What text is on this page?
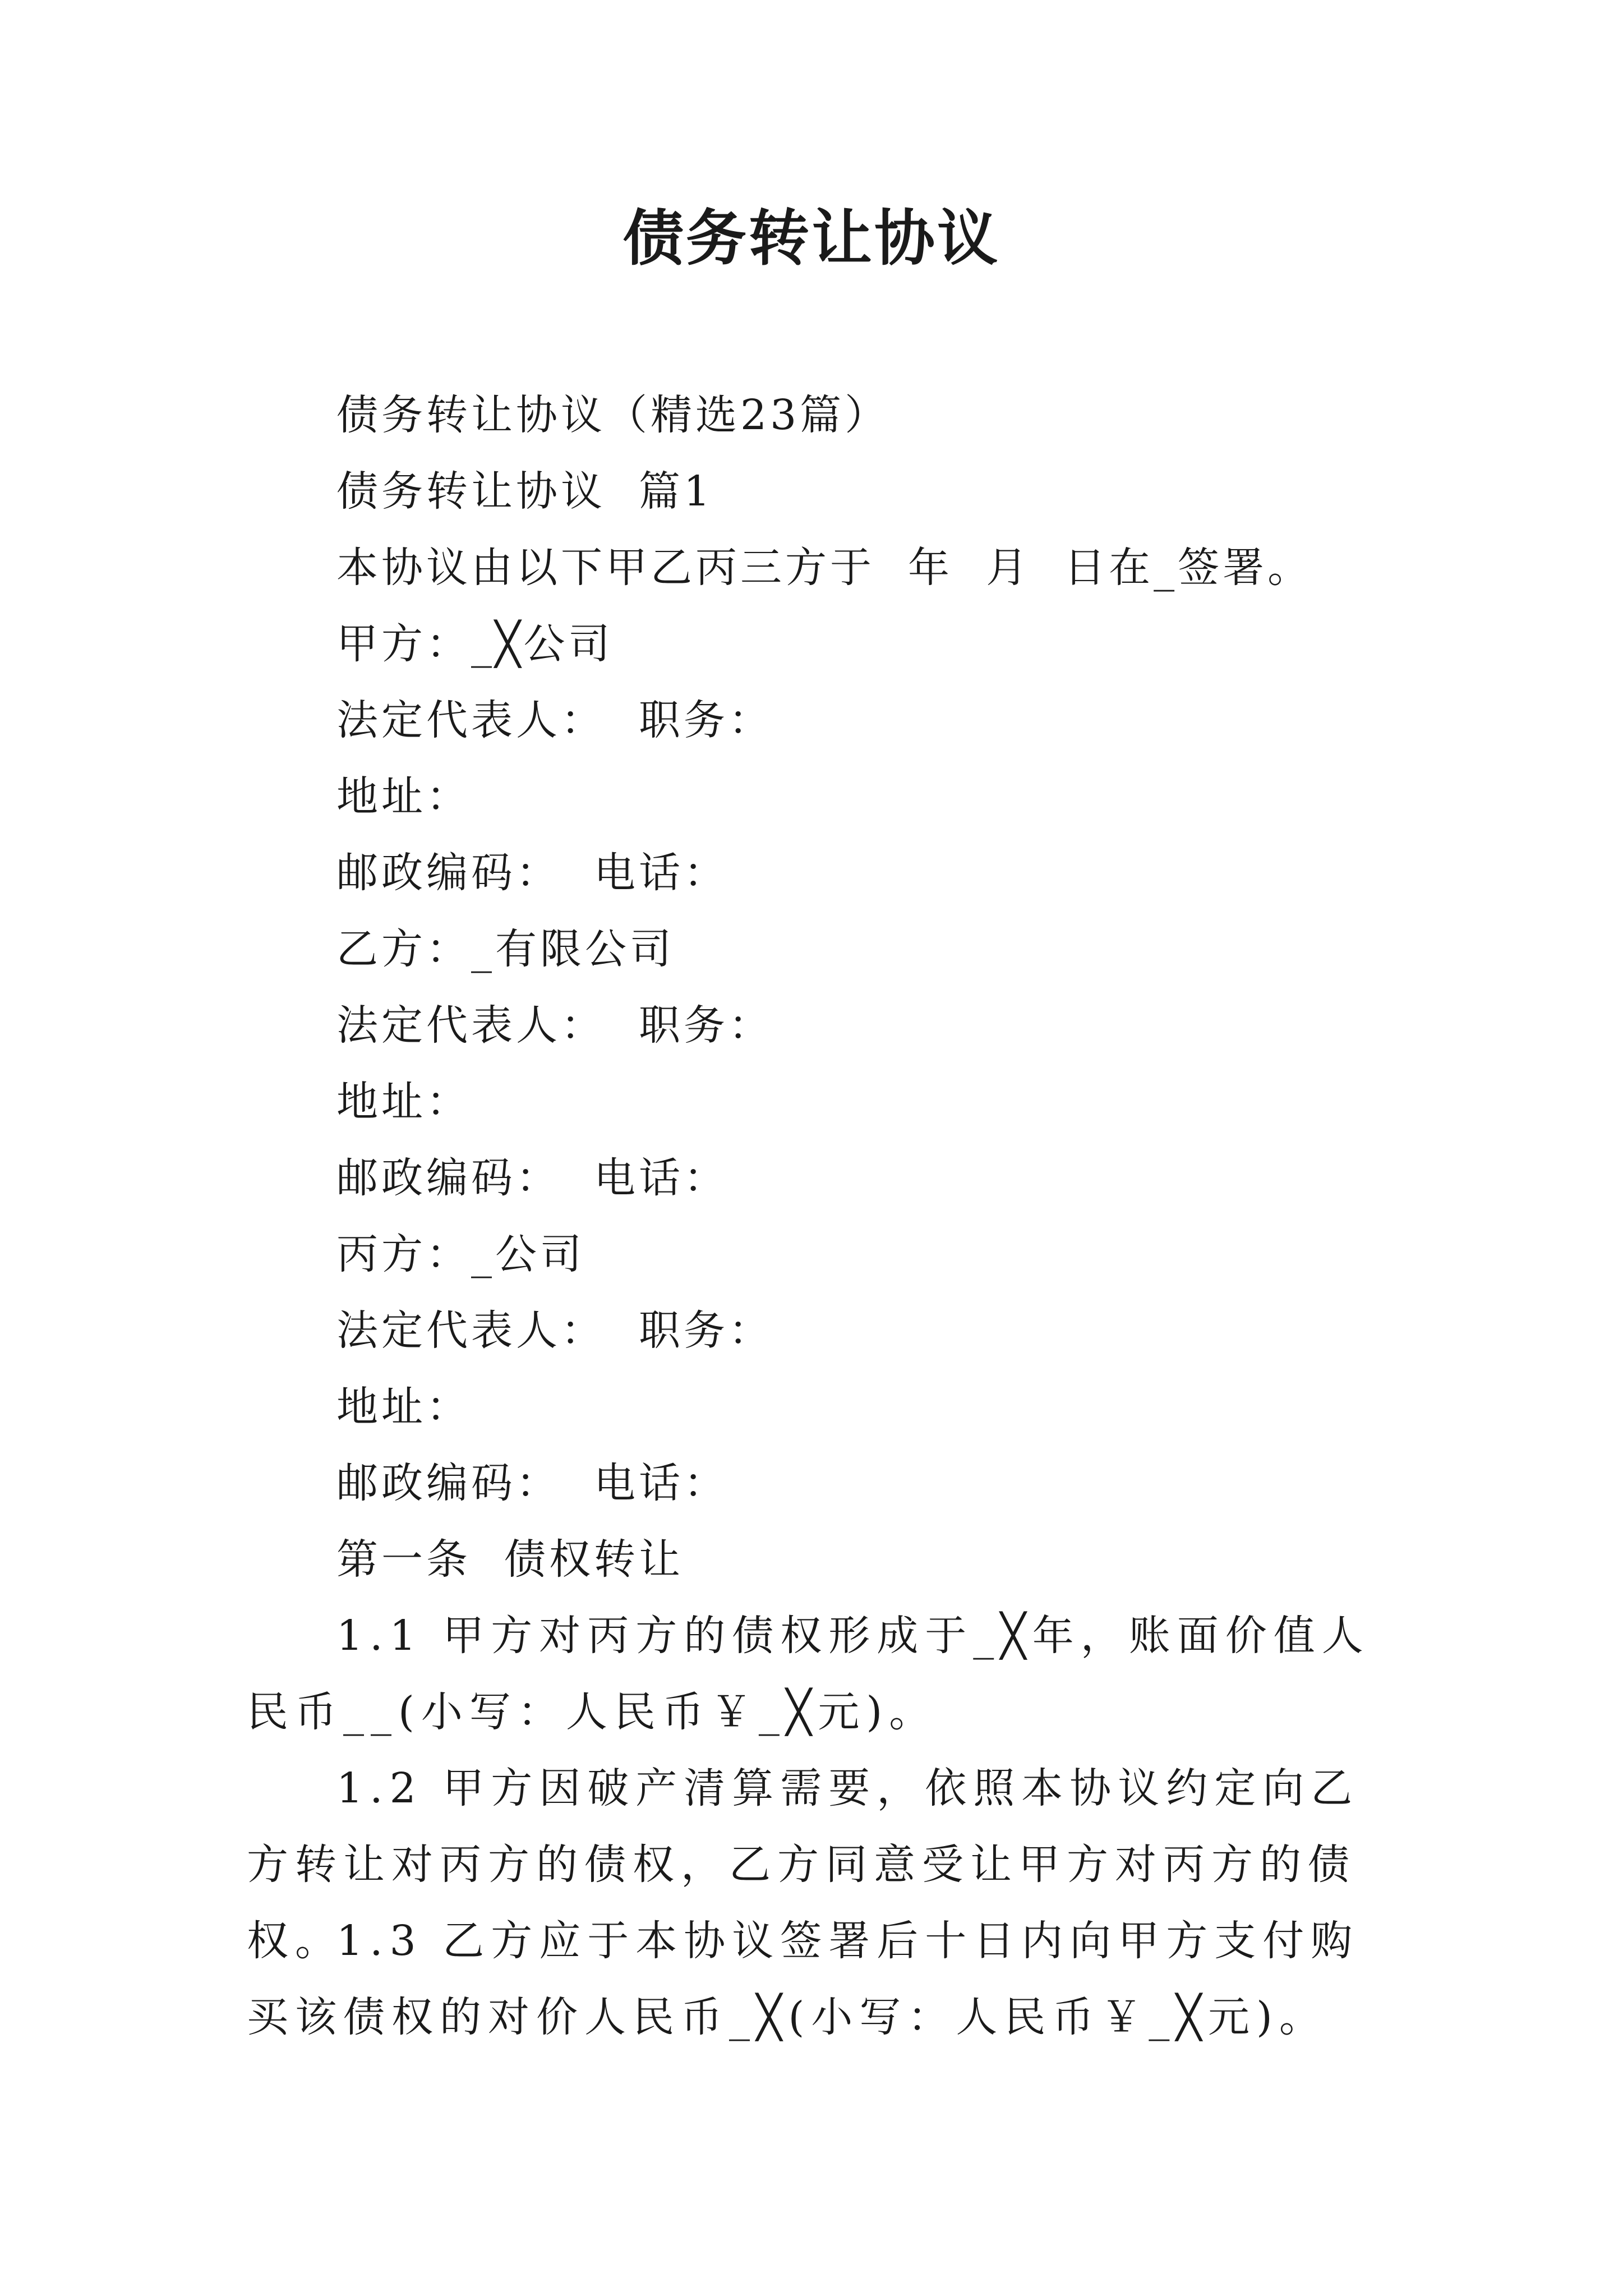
债务转让协议
债务转让协议（精选23篇）
债务转让协议  篇1
本协议由以下甲乙丙三方于  年  月  日在_签署。
甲方：_╳公司
法定代表人：  职务：
地址：
邮政编码：  电话：
乙方：_有限公司
法定代表人：  职务：
地址：
邮政编码：  电话：
丙方：_公司
法定代表人：  职务：
地址：
邮政编码：  电话：
第一条  债权转让
1.1 甲方对丙方的债权形成于_╳年，账面价值人民币__(小写：人民币￥_╳元)。
1.2 甲方因破产清算需要，依照本协议约定向乙方转让对丙方的债权，乙方同意受让甲方对丙方的债权。
1.3 乙方应于本协议签署后十日内向甲方支付购买该债权的对价人民币_╳(小写：人民币￥_╳元)。
